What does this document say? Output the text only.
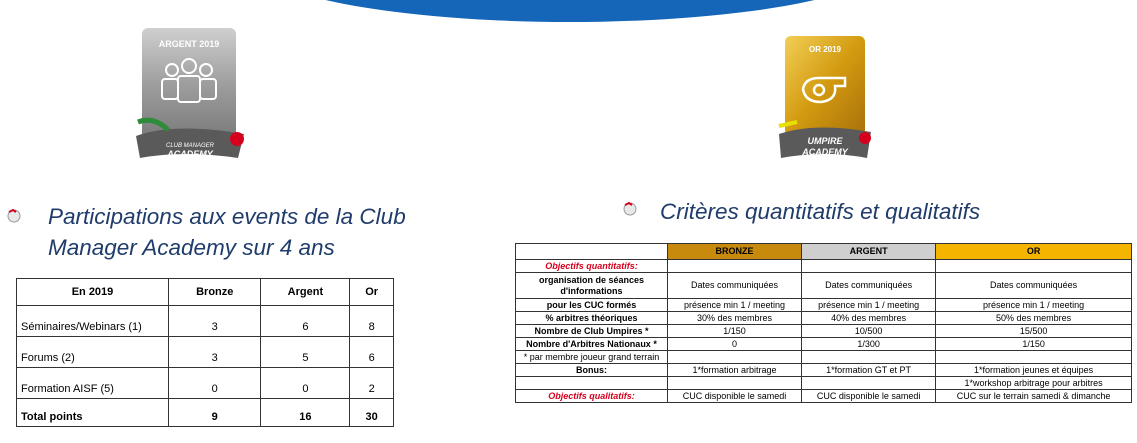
ARGENT 2019
CLUB MANAGER
ACADEMY
OR 2019
UMPIRE
ACADEMY
Participations aux events de la Club Manager Academy sur 4 ans
Critères quantitatifs et qualitatifs
En 2019	Bronze	Argent	Or
Séminaires/Webinars (1)	3	6	8
Forums (2)	3	5	6
Formation AISF (5)	0	0	2
Total points	9	16	30
	BRONZE	ARGENT	OR
Objectifs quantitatifs:			
organisation de séances d'informations	Dates communiquées	Dates communiquées	Dates communiquées
pour les CUC formés	présence min 1 / meeting	présence min 1 / meeting	présence min 1 / meeting
% arbitres théoriques	30% des membres	40% des membres	50% des membres
Nombre de Club Umpires *	1/150	10/500	15/500
Nombre d'Arbitres Nationaux *	0	1/300	1/150
* par membre joueur grand terrain			
Bonus:	1*formation arbitrage	1*formation GT et PT	1*formation jeunes et équipes
			1*workshop arbitrage pour arbitres
Objectifs qualitatifs:	CUC disponible le samedi	CUC disponible le samedi	CUC sur le terrain samedi & dimanche
